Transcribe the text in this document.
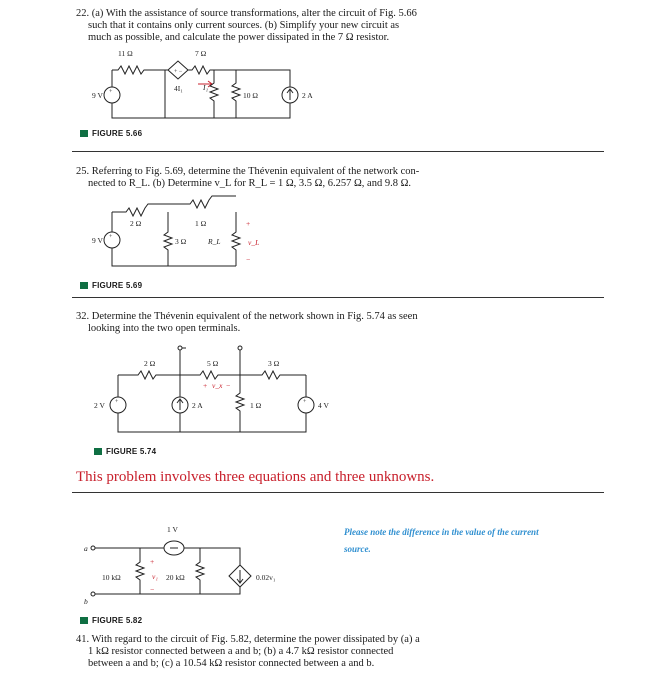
22. (a) With the assistance of source transformations, alter the circuit of Fig. 5.66
such that it contains only current sources. (b) Simplify your new circuit as
much as possible, and calculate the power dissipated in the 7 Ω resistor.
11 Ω	7 Ω
+ −
4I₁	I₁
+
9 V	10 Ω	2 A
FIGURE 5.66
25. Referring to Fig. 5.69, determine the Thévenin equivalent of the network con-
nected to R_L. (b) Determine v_L for R_L = 1 Ω, 3.5 Ω, 6.257 Ω, and 9.8 Ω.
2 Ω	1 Ω
+
9 V	3 Ω	R_L
+
v_L
−
FIGURE 5.69
32. Determine the Thévenin equivalent of the network shown in Fig. 5.74 as seen
looking into the two open terminals.
2 Ω	5 Ω	3 Ω
+ v_x −
+
2 V	2 A	1 Ω	+ 4 V
FIGURE 5.74
This problem involves three equations and three unknowns.
Please note the difference in the value of the current
source.
1 V
a
10 kΩ
+
v₁
−
20 kΩ	0.02v₁
b
FIGURE 5.82
41. With regard to the circuit of Fig. 5.82, determine the power dissipated by (a) a
1 kΩ resistor connected between a and b; (b) a 4.7 kΩ resistor connected
between a and b; (c) a 10.54 kΩ resistor connected between a and b.
